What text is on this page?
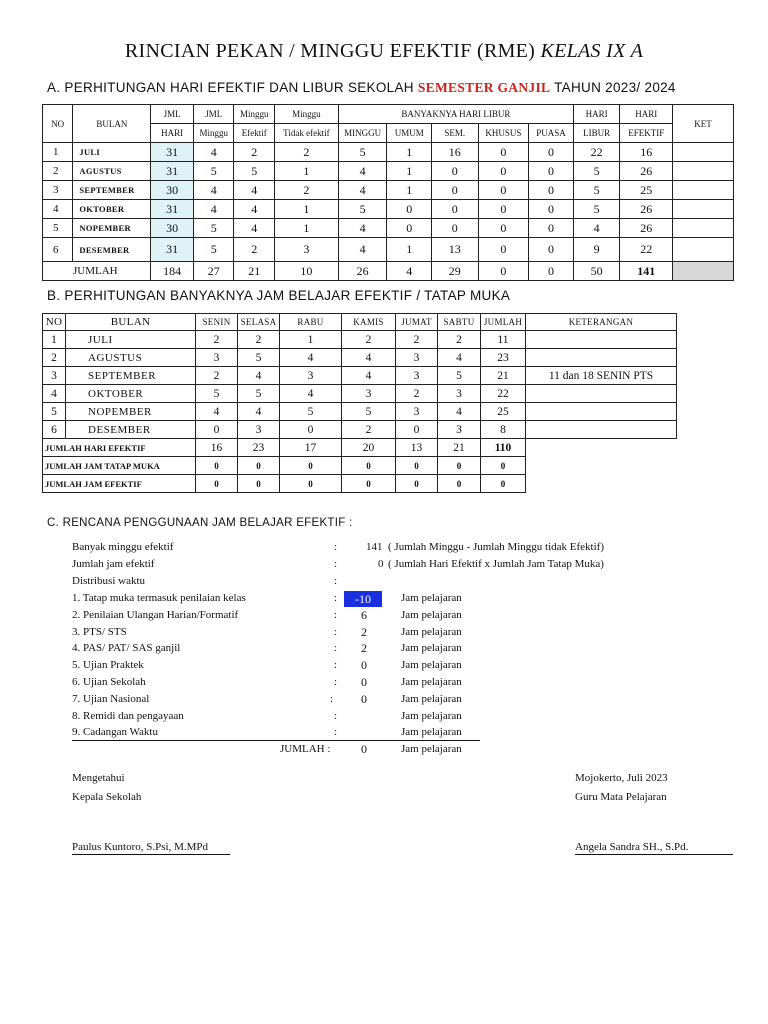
RINCIAN PEKAN / MINGGU EFEKTIF (RME) KELAS IX A
A. PERHITUNGAN HARI EFEKTIF DAN LIBUR SEKOLAH SEMESTER GANJIL TAHUN 2023/ 2024
NO	BULAN	JML	JML	Minggu	Minggu	BANYAKNYA HARI LIBUR					HARI	HARI	KET
		HARI	Minggu	Efektif	Tidak efektif	MINGGU	UMUM	SEM.	KHUSUS	PUASA	LIBUR	EFEKTIF	
1	JULI	31	4	2	2	5	1	16	0	0	22	16	
2	AGUSTUS	31	5	5	1	4	1	0	0	0	5	26	
3	SEPTEMBER	30	4	4	2	4	1	0	0	0	5	25	
4	OKTOBER	31	4	4	1	5	0	0	0	0	5	26	
5	NOPEMBER	30	5	4	1	4	0	0	0	0	4	26	
6	DESEMBER	31	5	2	3	4	1	13	0	0	9	22	
JUMLAH		184	27	21	10	26	4	29	0	0	50	141	
B. PERHITUNGAN BANYAKNYA JAM BELAJAR EFEKTIF / TATAP MUKA
NO	BULAN	SENIN	SELASA	RABU	KAMIS	JUMAT	SABTU	JUMLAH	KETERANGAN
1	JULI	2	2	1	2	2	2	11	
2	AGUSTUS	3	5	4	4	3	4	23	
3	SEPTEMBER	2	4	3	4	3	5	21	11 dan 18 SENIN PTS
4	OKTOBER	5	5	4	3	2	3	22	
5	NOPEMBER	4	4	5	5	3	4	25	
6	DESEMBER	0	3	0	2	0	3	8	
JUMLAH HARI EFEKTIF		16	23	17	20	13	21	110	
JUMLAH JAM TATAP MUKA		0	0	0	0	0	0	0	
JUMLAH JAM EFEKTIF		0	0	0	0	0	0	0	
C. RENCANA PENGGUNAAN JAM BELAJAR EFEKTIF :
Banyak minggu efektif	:	141 ( Jumlah Minggu - Jumlah Minggu tidak Efektif)
Jumlah jam efektif	:	0 ( Jumlah Hari Efektif x Jumlah Jam Tatap Muka)
Distribusi waktu	:
1. Tatap muka termasuk penilaian kelas	:	-10	Jam pelajaran
2. Penilaian Ulangan Harian/Formatif	:	6	Jam pelajaran
3. PTS/ STS	:	2	Jam pelajaran
4. PAS/ PAT/ SAS ganjil	:	2	Jam pelajaran
5. Ujian Praktek	:	0	Jam pelajaran
6. Ujian Sekolah	:	0	Jam pelajaran
7. Ujian Nasional	:	0	Jam pelajaran
8. Remidi dan pengayaan	:	Jam pelajaran
9. Cadangan Waktu	:	Jam pelajaran
JUMLAH :	0	Jam pelajaran
Mengetahui
Kepala Sekolah
Paulus Kuntoro, S.Psi, M.MPd
Mojokerto, Juli 2023
Guru Mata Pelajaran
Angela Sandra SH., S.Pd.
